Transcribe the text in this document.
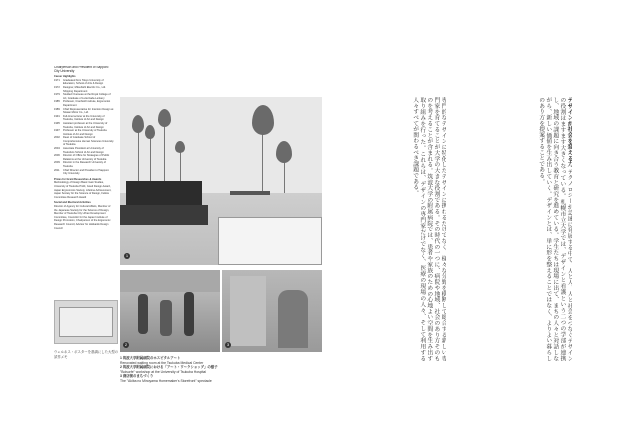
Chairperson and President of Sapporo City University
Career Highlights
1971	Graduated from Tokyo University of Education, School of Arts & Design
1972	Designer, Mitsubishi Electric Co., Ltd. Shipping Department
1979	Studied Overseas at the Royal College of Art, Graduate of Lutterzade-Lenkery
1985	Professor, Cranfield Institute, Ergonomist Department
1989	Chief Representative for Intention Design at Nissan Motor Co., Ltd.
1991	Full-time lecturer at the University of Tsukuba, Institute of Art and Design
1995	Assistant professor at the University of Tsukuba, Institute of Art and Design
1997	Professor at the University of Tsukuba Institute of Art and Design
2002	Dean of Graduate School of Comprehensive Human Sciences University of Tsukuba
2004	Associate President at University of Tsukuba's School of Art and Design
2006	Director of Office for Strategies of Public Relations at the University of Tsukuba
2009	Director in the Research University of Tsukuba
2011	Chief Director and President of Sapporo City University
Prizes for Grant Researches & Awards
Methodology of Design Basic Gain Studies, University of Tsukuba Profit, Good Design Award, Japan Ergonomics Society, Lifetime Achievement, Japan Society for the Science of Design, Fellow Committee Research Award
Social and Electoral Activities
Director of Agency for Cultural Affairs, Member of the Japanese Society for the Science of Design, Member of Tsukuba City Urban Development Committee, Councilor for the Japan Institute of Design Promotion, Chairperson of the Ergonomic Research Council, Advisor for Hokkaido Design Council
1
2	3
ウェルネス・ポスターを基調にした大型の試作メモ	1 筑波大学附属病院のホスピタルアート
Renovated waiting room at the Tsukuba Medical Center
2 筑波大学附属病院における「アート・ワークショップ」の様子
"Boisurfe" workshop at the University of Tsukuba Hospital
3 商店街のまちづくり
The "Akiba no Minoyama Homemaker's Storefront" spectacle
専門的なデザインに特化したデザインに携わるだけでなく、様々な分野を横断して総合する新しい専門家を育てることが大学の大きな役割である。その時代の一つに、病院や地域、社会のあり方そのものを考えることが含まれる。筑波大学の附属病院では、患者や家族のための心地よい空間を生み出す取り組みを行った。これらは、デザインの専門家だけでなく、医療の現場の人々、そして利用する人々すべてが関わるべき課題である。	デザインが社会を変える力 テクノロジーが急速に発展する中で、人と人、人と社会をつなぐデザインの役割はますます大きくなっている。札幌市立大学では、デザインと看護という二つの学部が連携し、地域の課題に向き合う教育と研究を進めている。学生たちは現場に出て、まちの人々と対話しながら、新しい価値を生み出していく。デザインとは、単に形を整えることではなく、よりよい暮らしのあり方を提案することである。
